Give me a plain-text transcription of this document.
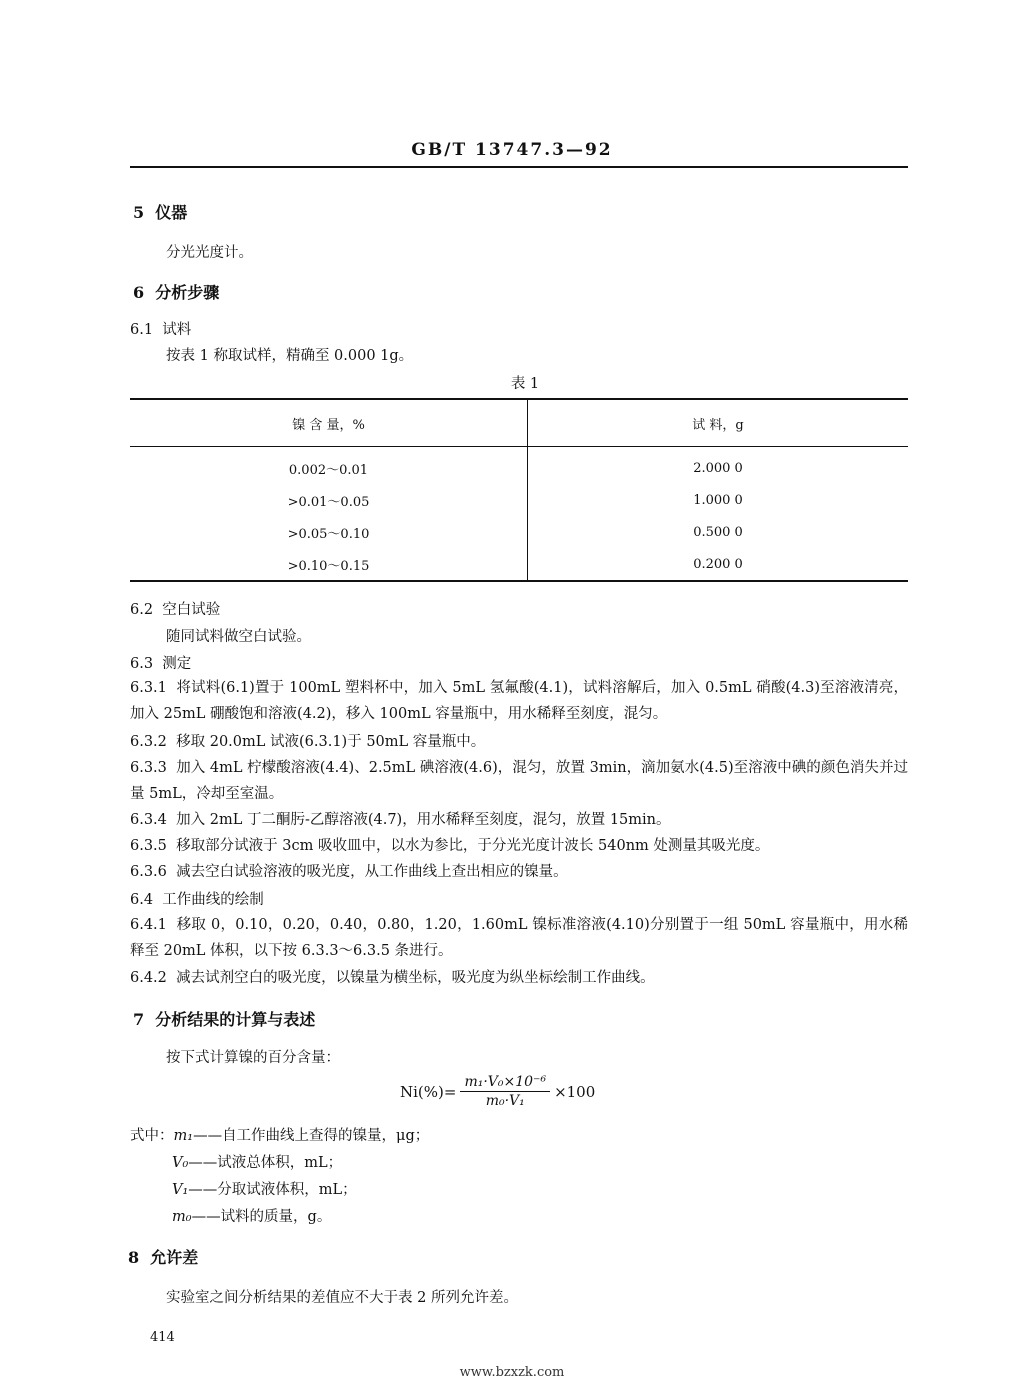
GB/T 13747.3—92
5 仪器
分光光度计。
6 分析步骤
6.1 试料
按表 1 称取试样，精确至 0.000 1g。
表 1
镍 含 量，%	试 料，g
0.002～0.01	2.000 0
>0.01～0.05	1.000 0
>0.05～0.10	0.500 0
>0.10～0.15	0.200 0
6.2 空白试验
随同试料做空白试验。
6.3 测定
6.3.1 将试料(6.1)置于 100mL 塑料杯中，加入 5mL 氢氟酸(4.1)，试料溶解后，加入 0.5mL 硝酸(4.3)至溶液清亮，加入 25mL 硼酸饱和溶液(4.2)，移入 100mL 容量瓶中，用水稀释至刻度，混匀。
6.3.2 移取 20.0mL 试液(6.3.1)于 50mL 容量瓶中。
6.3.3 加入 4mL 柠檬酸溶液(4.4)、2.5mL 碘溶液(4.6)，混匀，放置 3min，滴加氨水(4.5)至溶液中碘的颜色消失并过量 5mL，冷却至室温。
6.3.4 加入 2mL 丁二酮肟-乙醇溶液(4.7)，用水稀释至刻度，混匀，放置 15min。
6.3.5 移取部分试液于 3cm 吸收皿中，以水为参比，于分光光度计波长 540nm 处测量其吸光度。
6.3.6 减去空白试验溶液的吸光度，从工作曲线上查出相应的镍量。
6.4 工作曲线的绘制
6.4.1 移取 0，0.10，0.20，0.40，0.80，1.20，1.60mL 镍标准溶液(4.10)分别置于一组 50mL 容量瓶中，用水稀释至 20mL 体积，以下按 6.3.3～6.3.5 条进行。
6.4.2 减去试剂空白的吸光度，以镍量为横坐标，吸光度为纵坐标绘制工作曲线。
7 分析结果的计算与表述
按下式计算镍的百分含量：
$Ni(\%)= \frac{\text{m₁·V₀×10⁻⁶}}{\text{m₀·V₁}} \times 100$
式中：m₁——自工作曲线上查得的镍量，μg；
V₀——试液总体积，mL；
V₁——分取试液体积，mL；
m₀——试料的质量，g。
8 允许差
实验室之间分析结果的差值应不大于表 2 所列允许差。
414
www.bzxzk.com
